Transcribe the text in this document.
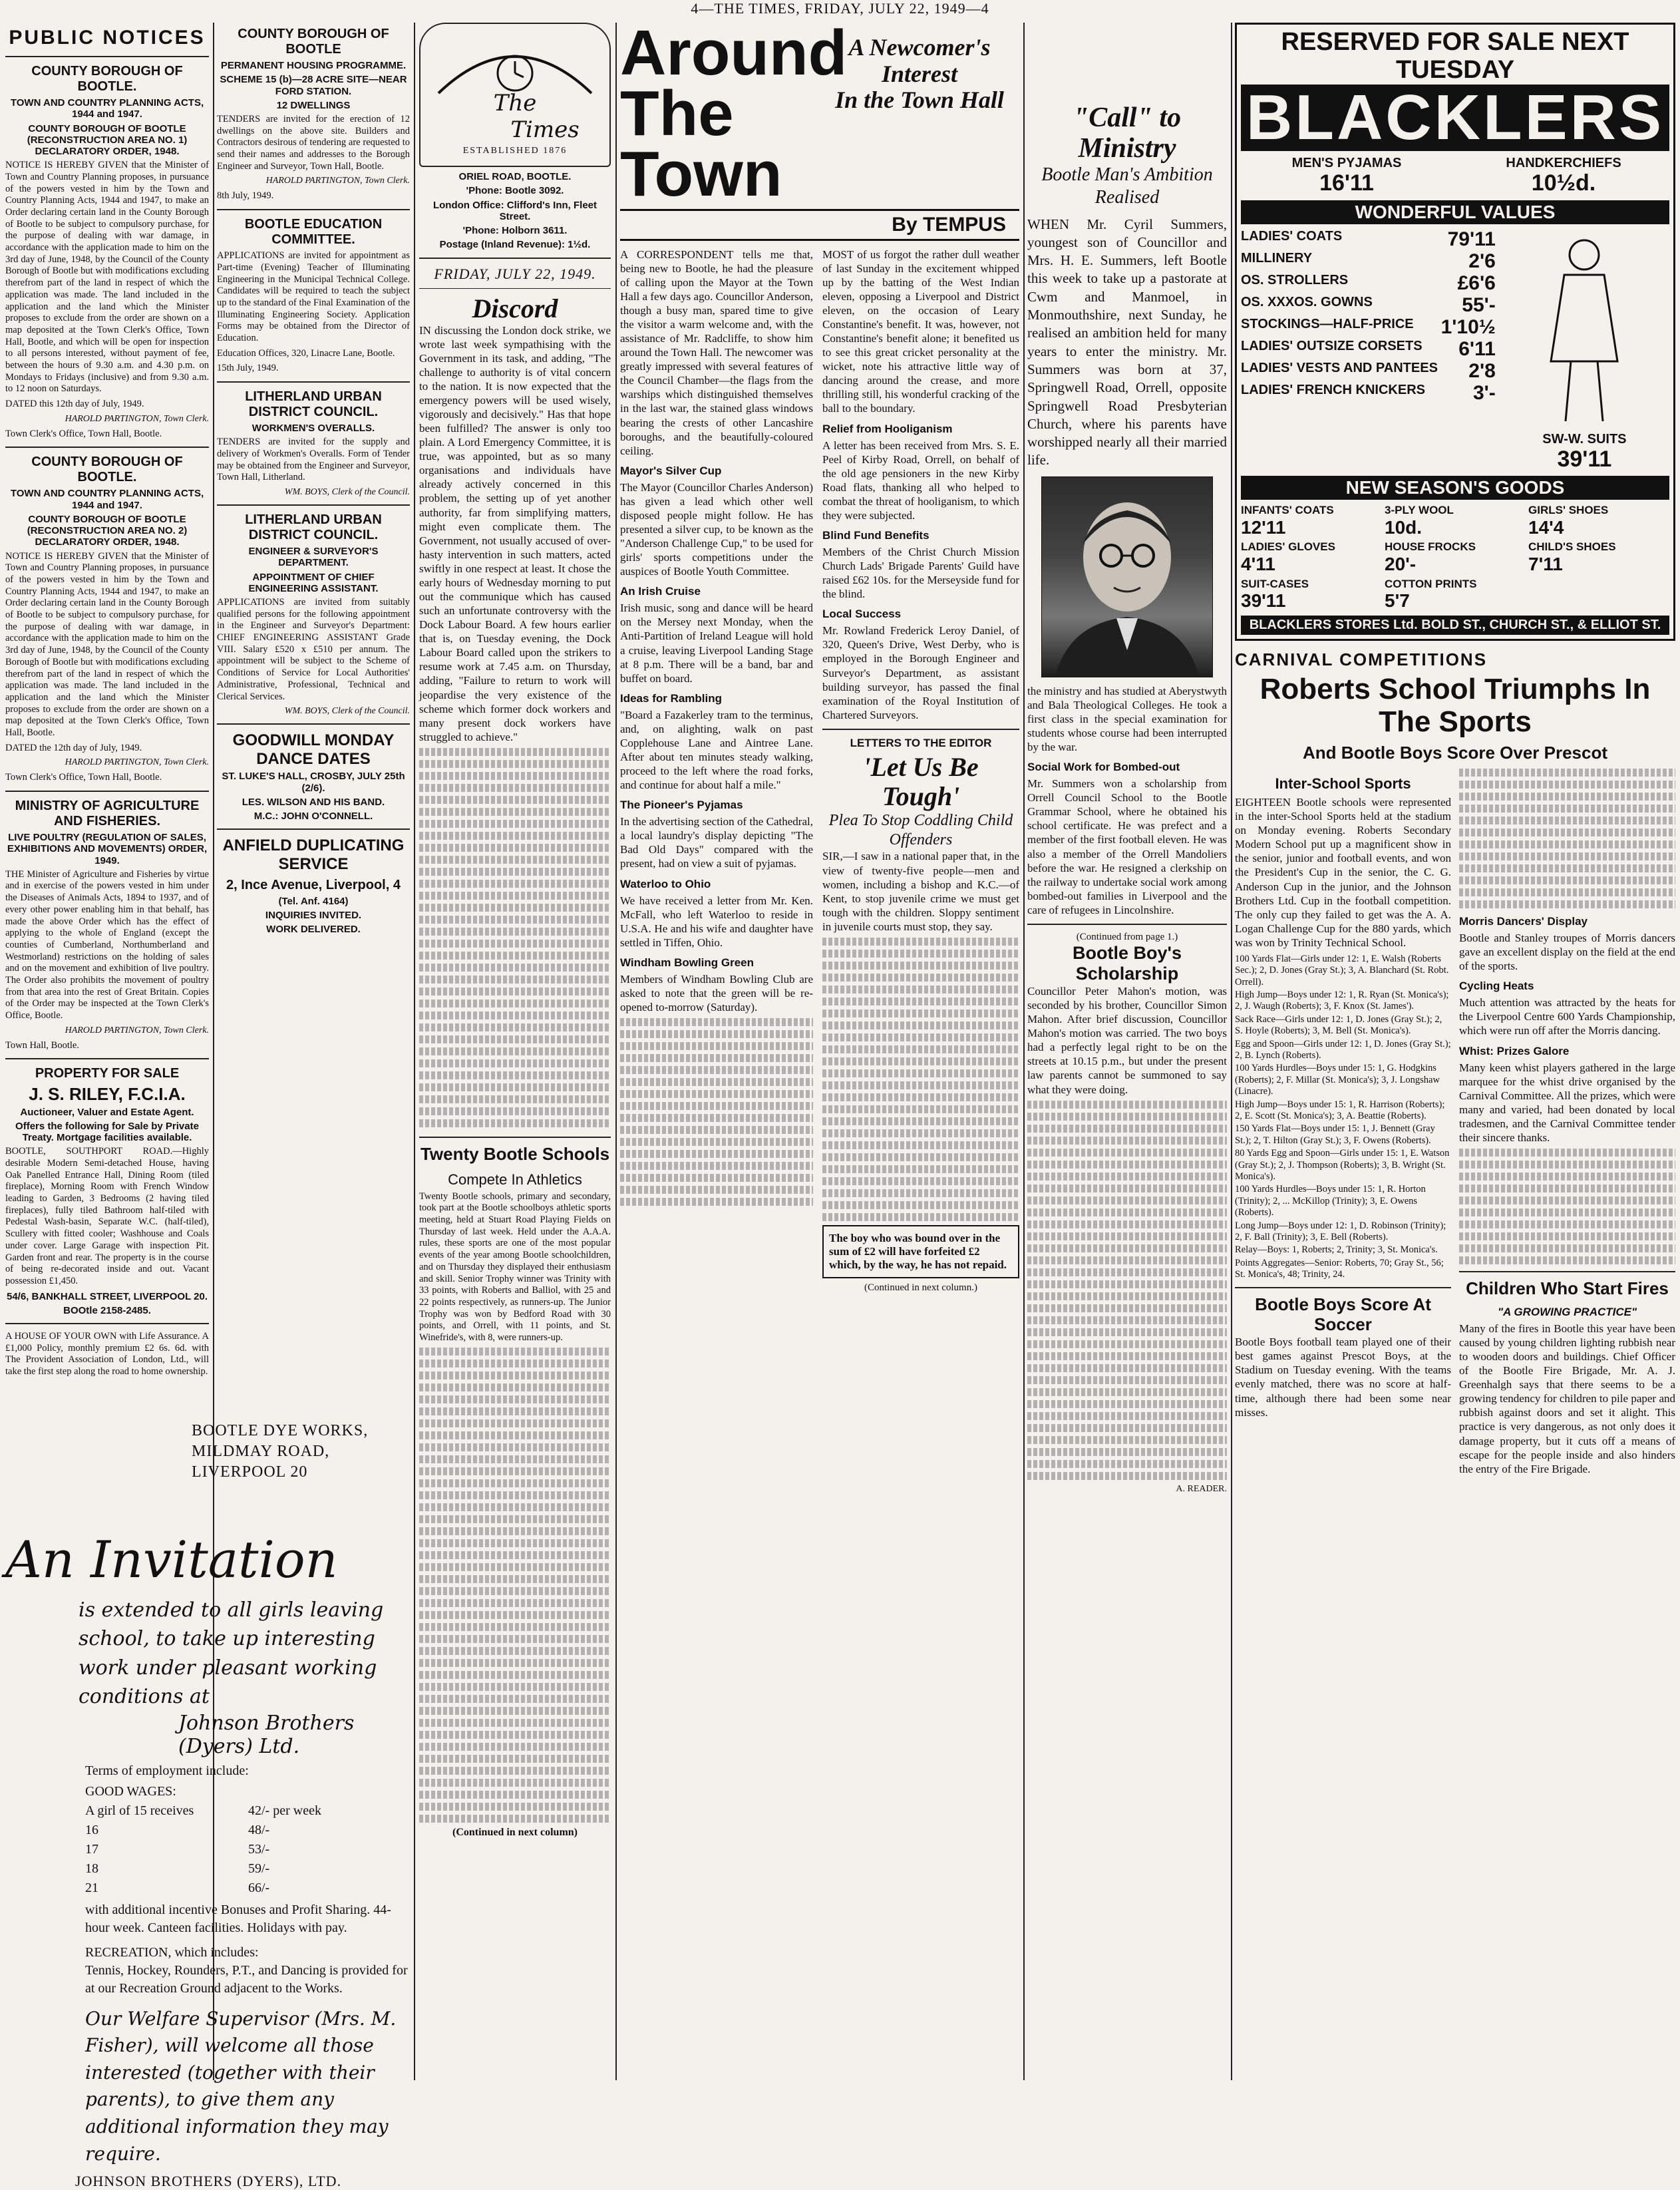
4—THE TIMES, FRIDAY, JULY 22, 1949—4
PUBLIC NOTICES
COUNTY BOROUGH OF BOOTLE.
TOWN AND COUNTRY PLANNING ACTS, 1944 and 1947.
COUNTY BOROUGH OF BOOTLE (RECONSTRUCTION AREA NO. 1) DECLARATORY ORDER, 1948.

NOTICE IS HEREBY GIVEN that the Minister of Town and Country Planning proposes, in pursuance of the powers vested in him by the Town and Country Planning Acts, 1944 and 1947, to make an Order declaring certain land in the County Borough of Bootle to be subject to compulsory purchase, for the purpose of dealing with war damage, in accordance with the application made to him on the 3rd day of June, 1948, by the Council of the County Borough of Bootle but with modifications excluding therefrom part of the land in respect of which the application was made. The land included in the application and the land which the Minister proposes to exclude from the order are shown on a map deposited at the Town Clerk's Office, Town Hall, Bootle, and which will be open for inspection to all persons interested, without payment of fee, between the hours of 9.30 a.m. and 4.30 p.m. on Mondays to Fridays (inclusive) and from 9.30 a.m. to 12 noon on Saturdays.

DATED this 12th day of July, 1949.

HAROLD PARTINGTON, Town Clerk.

Town Clerk's Office, Town Hall, Bootle.

COUNTY BOROUGH OF BOOTLE.
TOWN AND COUNTRY PLANNING ACTS, 1944 and 1947.
COUNTY BOROUGH OF BOOTLE (RECONSTRUCTION AREA NO. 2) DECLARATORY ORDER, 1948.

NOTICE IS HEREBY GIVEN that the Minister of Town and Country Planning proposes, in pursuance of the powers vested in him by the Town and Country Planning Acts, 1944 and 1947, to make an Order declaring certain land in the County Borough of Bootle to be subject to compulsory purchase, for the purpose of dealing with war damage, in accordance with the application made to him on the 3rd day of June, 1948, by the Council of the County Borough of Bootle but with modifications excluding therefrom part of the land in respect of which the application was made. The land included in the application and the land which the Minister proposes to exclude from the order are shown on a map deposited at the Town Clerk's Office, Town Hall, Bootle.

DATED the 12th day of July, 1949.

HAROLD PARTINGTON, Town Clerk.

Town Clerk's Office, Town Hall, Bootle.

MINISTRY OF AGRICULTURE AND FISHERIES.
LIVE POULTRY (REGULATION OF SALES, EXHIBITIONS AND MOVEMENTS) ORDER, 1949.

THE Minister of Agriculture and Fisheries by virtue and in exercise of the powers vested in him under the Diseases of Animals Acts, 1894 to 1937, and of every other power enabling him in that behalf, has made the above Order which has the effect of applying to the whole of England (except the counties of Cumberland, Northumberland and Westmorland) restrictions on the holding of sales and on the movement and exhibition of live poultry. The Order also prohibits the movement of poultry from that area into the rest of Great Britain. Copies of the Order may be inspected at the Town Clerk's Office, Bootle.

HAROLD PARTINGTON, Town Clerk.

Town Hall, Bootle.

PROPERTY FOR SALE
J. S. RILEY, F.C.I.A.
Auctioneer, Valuer and Estate Agent.
Offers the following for Sale by Private Treaty. Mortgage facilities available.

BOOTLE, SOUTHPORT ROAD.—Highly desirable Modern Semi-detached House, having Oak Panelled Entrance Hall, Dining Room (tiled fireplace), Morning Room with French Window leading to Garden, 3 Bedrooms (2 having tiled fireplaces), fully tiled Bathroom half-tiled with Pedestal Wash-basin, Separate W.C. (half-tiled), Scullery with fitted cooler; Washhouse and Coals under cover. Large Garage with inspection Pit. Garden front and rear. The property is in the course of being re-decorated inside and out. Vacant possession £1,450.

54/6, BANKHALL STREET, LIVERPOOL 20.
BOOtle 2158-2485.

A HOUSE OF YOUR OWN with Life Assurance. A £1,000 Policy, monthly premium £2 6s. 6d. with The Provident Association of London, Ltd., will take the first step along the road to home ownership.

BOOTLE DYE WORKS,
MILDMAY ROAD, LIVERPOOL 20
An Invitation
is extended to all girls leaving school, to take up interesting work under pleasant working conditions at
Johnson Brothers (Dyers) Ltd.
Terms of employment include:
GOOD WAGES:
A girl of 15 receives	42/- per week
16	48/-
17	53/-
18	59/-
21	66/-
with additional incentive Bonuses and Profit Sharing. 44-hour week. Canteen facilities. Holidays with pay.
RECREATION, which includes:
Tennis, Hockey, Rounders, P.T., and Dancing is provided for at our Recreation Ground adjacent to the Works.
Our Welfare Supervisor (Mrs. M. Fisher), will welcome all those interested (together with their parents), to give them any additional information they may require.
JOHNSON BROTHERS (DYERS), LTD.
COUNTY BOROUGH OF BOOTLE
PERMANENT HOUSING PROGRAMME.
SCHEME 15 (b)—28 ACRE SITE—NEAR FORD STATION.
12 DWELLINGS

TENDERS are invited for the erection of 12 dwellings on the above site. Builders and Contractors desirous of tendering are requested to send their names and addresses to the Borough Engineer and Surveyor, Town Hall, Bootle.

HAROLD PARTINGTON, Town Clerk.

8th July, 1949.

BOOTLE EDUCATION COMMITTEE.

APPLICATIONS are invited for appointment as Part-time (Evening) Teacher of Illuminating Engineering in the Municipal Technical College. Candidates will be required to teach the subject up to the standard of the Final Examination of the Illuminating Engineering Society. Application Forms may be obtained from the Director of Education.

Education Offices, 320, Linacre Lane, Bootle.

15th July, 1949.

LITHERLAND URBAN DISTRICT COUNCIL.
WORKMEN'S OVERALLS.

TENDERS are invited for the supply and delivery of Workmen's Overalls. Form of Tender may be obtained from the Engineer and Surveyor, Town Hall, Litherland.

WM. BOYS, Clerk of the Council.
LITHERLAND URBAN DISTRICT COUNCIL.
ENGINEER & SURVEYOR'S DEPARTMENT.
APPOINTMENT OF CHIEF ENGINEERING ASSISTANT.

APPLICATIONS are invited from suitably qualified persons for the following appointment in the Engineer and Surveyor's Department: CHIEF ENGINEERING ASSISTANT Grade VIII. Salary £520 x £510 per annum. The appointment will be subject to the Scheme of Conditions of Service for Local Authorities' Administrative, Professional, Technical and Clerical Services.

WM. BOYS, Clerk of the Council.
GOODWILL MONDAY DANCE DATES
ST. LUKE'S HALL, CROSBY, JULY 25th (2/6).
LES. WILSON AND HIS BAND.
M.C.: JOHN O'CONNELL.
ANFIELD DUPLICATING SERVICE
2, Ince Avenue, Liverpool, 4
(Tel. Anf. 4164)
INQUIRIES INVITED.
WORK DELIVERED.
The Times
ESTABLISHED 1876
ORIEL ROAD, BOOTLE.
'Phone: Bootle 3092.
London Office: Clifford's Inn, Fleet Street.
'Phone: Holborn 3611.
Postage (Inland Revenue): 1½d.
FRIDAY, JULY 22, 1949.
Discord

IN discussing the London dock strike, we wrote last week sympathising with the Government in its task, and adding, "The challenge to authority is of vital concern to the nation. It is now expected that the emergency powers will be used wisely, vigorously and decisively." Has that hope been fulfilled? The answer is only too plain. A Lord Emergency Committee, it is true, was appointed, but as so many organisations and individuals have already actively concerned in this problem, the setting up of yet another authority, far from simplifying matters, might even complicate them. The Government, not usually accused of over-hasty intervention in such matters, acted swiftly in one respect at least. It chose the early hours of Wednesday morning to put out the communique which has caused such an unfortunate controversy with the Dock Labour Board. A few hours earlier that is, on Tuesday evening, the Dock Labour Board called upon the strikers to resume work at 7.45 a.m. on Thursday, adding, "Failure to return to work will jeopardise the very existence of the scheme which former dock workers and many present dock workers have struggled to achieve."

Twenty Bootle Schools
Compete In Athletics

Twenty Bootle schools, primary and secondary, took part at the Bootle schoolboys athletic sports meeting, held at Stuart Road Playing Fields on Thursday of last week. Held under the A.A.A. rules, these sports are one of the most popular events of the year among Bootle schoolchildren, and on Thursday they displayed their enthusiasm and skill. Senior Trophy winner was Trinity with 33 points, with Roberts and Balliol, with 25 and 22 points respectively, as runners-up. The Junior Trophy was won by Bedford Road with 30 points, and Orrell, with 11 points, and St. Winefride's, with 8, were runners-up.

(Continued in next column)
Around
The Town
A Newcomer's Interest
In the Town Hall
By TEMPUS

A CORRESPONDENT tells me that, being new to Bootle, he had the pleasure of calling upon the Mayor at the Town Hall a few days ago. Councillor Anderson, though a busy man, spared time to give the visitor a warm welcome and, with the assistance of Mr. Radcliffe, to show him around the Town Hall. The newcomer was greatly impressed with several features of the Council Chamber—the flags from the warships which distinguished themselves in the last war, the stained glass windows bearing the crests of other Lancashire boroughs, and the beautifully-coloured ceiling.

Mayor's Silver Cup

The Mayor (Councillor Charles Anderson) has given a lead which other well disposed people might follow. He has presented a silver cup, to be known as the "Anderson Challenge Cup," to be used for girls' sports competitions under the auspices of Bootle Youth Committee.

An Irish Cruise

Irish music, song and dance will be heard on the Mersey next Monday, when the Anti-Partition of Ireland League will hold a cruise, leaving Liverpool Landing Stage at 8 p.m. There will be a band, bar and buffet on board.

Ideas for Rambling

"Board a Fazakerley tram to the terminus, and, on alighting, walk on past Copplehouse Lane and Aintree Lane. After about ten minutes steady walking, proceed to the left where the road forks, and continue for about half a mile."

The Pioneer's Pyjamas

In the advertising section of the Cathedral, a local laundry's display depicting "The Bad Old Days" compared with the present, had on view a suit of pyjamas.

Waterloo to Ohio

We have received a letter from Mr. Ken. McFall, who left Waterloo to reside in U.S.A. He and his wife and daughter have settled in Tiffen, Ohio.

Windham Bowling Green

Members of Windham Bowling Club are asked to note that the green will be re-opened to-morrow (Saturday).

MOST of us forgot the rather dull weather of last Sunday in the excitement whipped up by the batting of the West Indian eleven, opposing a Liverpool and District eleven, on the occasion of Leary Constantine's benefit. It was, however, not Constantine's benefit alone; it benefited us to see this great cricket personality at the wicket, note his attractive little way of dancing around the crease, and more thrilling still, his wonderful cracking of the ball to the boundary.

Relief from Hooliganism

A letter has been received from Mrs. S. E. Peel of Kirby Road, Orrell, on behalf of the old age pensioners in the new Kirby Road flats, thanking all who helped to combat the threat of hooliganism, to which they were subjected.

Blind Fund Benefits

Members of the Christ Church Mission Church Lads' Brigade Parents' Guild have raised £62 10s. for the Merseyside fund for the blind.

Local Success

Mr. Rowland Frederick Leroy Daniel, of 320, Queen's Drive, West Derby, who is employed in the Borough Engineer and Surveyor's Department, as assistant building surveyor, has passed the final examination of the Royal Institution of Chartered Surveyors.

LETTERS TO THE EDITOR
'Let Us Be Tough'
Plea To Stop Coddling Child Offenders

SIR,—I saw in a national paper that, in the view of twenty-five people—men and women, including a bishop and K.C.—of Kent, to stop juvenile crime we must get tough with the children. Sloppy sentiment in juvenile courts must stop, they say.

The boy who was bound over in the sum of £2 will have forfeited £2 which, by the way, he has not repaid.
(Continued in next column.)
"Call" to Ministry
Bootle Man's Ambition Realised

WHEN Mr. Cyril Summers, youngest son of Councillor and Mrs. H. E. Summers, left Bootle this week to take up a pastorate at Cwm and Manmoel, in Monmouthshire, next Sunday, he realised an ambition held for many years to enter the ministry. Mr. Summers was born at 37, Springwell Road, Orrell, opposite Springwell Road Presbyterian Church, where his parents have worshipped nearly all their married life.

the ministry and has studied at Aberystwyth and Bala Theological Colleges. He took a first class in the special examination for students whose course had been interrupted by the war.

Social Work for Bombed-out

Mr. Summers won a scholarship from Orrell Council School to the Bootle Grammar School, where he obtained his school certificate. He was prefect and a member of the first football eleven. He was also a member of the Orrell Mandoliers before the war. He resigned a clerkship on the railway to undertake social work among bombed-out families in Liverpool and the care of refugees in Lincolnshire.

(Continued from page 1.)
Bootle Boy's Scholarship

Councillor Peter Mahon's motion, was seconded by his brother, Councillor Simon Mahon. After brief discussion, Councillor Mahon's motion was carried. The two boys had a perfectly legal right to be on the streets at 10.15 p.m., but under the present law parents cannot be summoned to say what they were doing.

A. READER.
RESERVED FOR SALE NEXT TUESDAY
BLACKLERS
MEN'S PYJAMAS
16'11
HANDKERCHIEFS
10½d.
WONDERFUL VALUES
LADIES' COATS	79'11
MILLINERY	2'6
OS. STROLLERS	£6'6
OS. XXXOS. GOWNS	55'-
STOCKINGS—HALF-PRICE 1'10½
LADIES' OUTSIZE CORSETS 6'11
LADIES' VESTS AND PANTEES 2'8
LADIES' FRENCH KNICKERS 3'-
SW-W. SUITS
39'11
NEW SEASON'S GOODS
INFANTS' COATS
12'11
3-PLY WOOL
10d.
GIRLS' SHOES
14'4
LADIES' GLOVES
4'11
HOUSE FROCKS
20'-
CHILD'S SHOES
7'11
SUIT-CASES
39'11
COTTON PRINTS
5'7
BLACKLERS STORES Ltd. BOLD ST., CHURCH ST., & ELLIOT ST.
CARNIVAL COMPETITIONS
Roberts School Triumphs In The Sports
And Bootle Boys Score Over Prescot
Inter-School Sports

EIGHTEEN Bootle schools were represented in the inter-School Sports held at the stadium on Monday evening. Roberts Secondary Modern School put up a magnificent show in the senior, junior and football events, and won the President's Cup in the senior, the C. G. Anderson Cup in the junior, and the Johnson Brothers Ltd. Cup in the football competition. The only cup they failed to get was the A. A. Logan Challenge Cup for the 880 yards, which was won by Trinity Technical School.

100 Yards Flat—Girls under 12: 1, E. Walsh (Roberts Sec.); 2, D. Jones (Gray St.); 3, A. Blanchard (St. Robt. Orrell).

High Jump—Boys under 12: 1, R. Ryan (St. Monica's); 2, J. Waugh (Roberts); 3, F. Knox (St. James').

Sack Race—Girls under 12: 1, D. Jones (Gray St.); 2, S. Hoyle (Roberts); 3, M. Bell (St. Monica's).

Egg and Spoon—Girls under 12: 1, D. Jones (Gray St.); 2, B. Lynch (Roberts).

100 Yards Hurdles—Boys under 15: 1, G. Hodgkins (Roberts); 2, F. Millar (St. Monica's); 3, J. Longshaw (Linacre).

High Jump—Boys under 15: 1, R. Harrison (Roberts); 2, E. Scott (St. Monica's); 3, A. Beattie (Roberts).

150 Yards Flat—Boys under 15: 1, J. Bennett (Gray St.); 2, T. Hilton (Gray St.); 3, F. Owens (Roberts).

80 Yards Egg and Spoon—Girls under 15: 1, E. Watson (Gray St.); 2, J. Thompson (Roberts); 3, B. Wright (St. Monica's).

100 Yards Hurdles—Boys under 15: 1, R. Horton (Trinity); 2, ... McKillop (Trinity); 3, E. Owens (Roberts).

Long Jump—Boys under 12: 1, D. Robinson (Trinity); 2, F. Ball (Trinity); 3, E. Bell (Roberts).

Relay—Boys: 1, Roberts; 2, Trinity; 3, St. Monica's.

Points Aggregates—Senior: Roberts, 70; Gray St., 56; St. Monica's, 48; Trinity, 24.

Bootle Boys Score At Soccer

Bootle Boys football team played one of their best games against Prescot Boys, at the Stadium on Tuesday evening. With the teams evenly matched, there was no score at half-time, although there had been some near misses.

Morris Dancers' Display

Bootle and Stanley troupes of Morris dancers gave an excellent display on the field at the end of the sports.

Cycling Heats

Much attention was attracted by the heats for the Liverpool Centre 600 Yards Championship, which were run off after the Morris dancing.

Whist: Prizes Galore

Many keen whist players gathered in the large marquee for the whist drive organised by the Carnival Committee. All the prizes, which were many and varied, had been donated by local tradesmen, and the Carnival Committee tender their sincere thanks.

Children Who Start Fires
"A GROWING PRACTICE"

Many of the fires in Bootle this year have been caused by young children lighting rubbish near to wooden doors and buildings. Chief Officer of the Bootle Fire Brigade, Mr. A. J. Greenhalgh says that there seems to be a growing tendency for children to pile paper and rubbish against doors and set it alight. This practice is very dangerous, as not only does it damage property, but it cuts off a means of escape for the people inside and also hinders the entry of the Fire Brigade.
